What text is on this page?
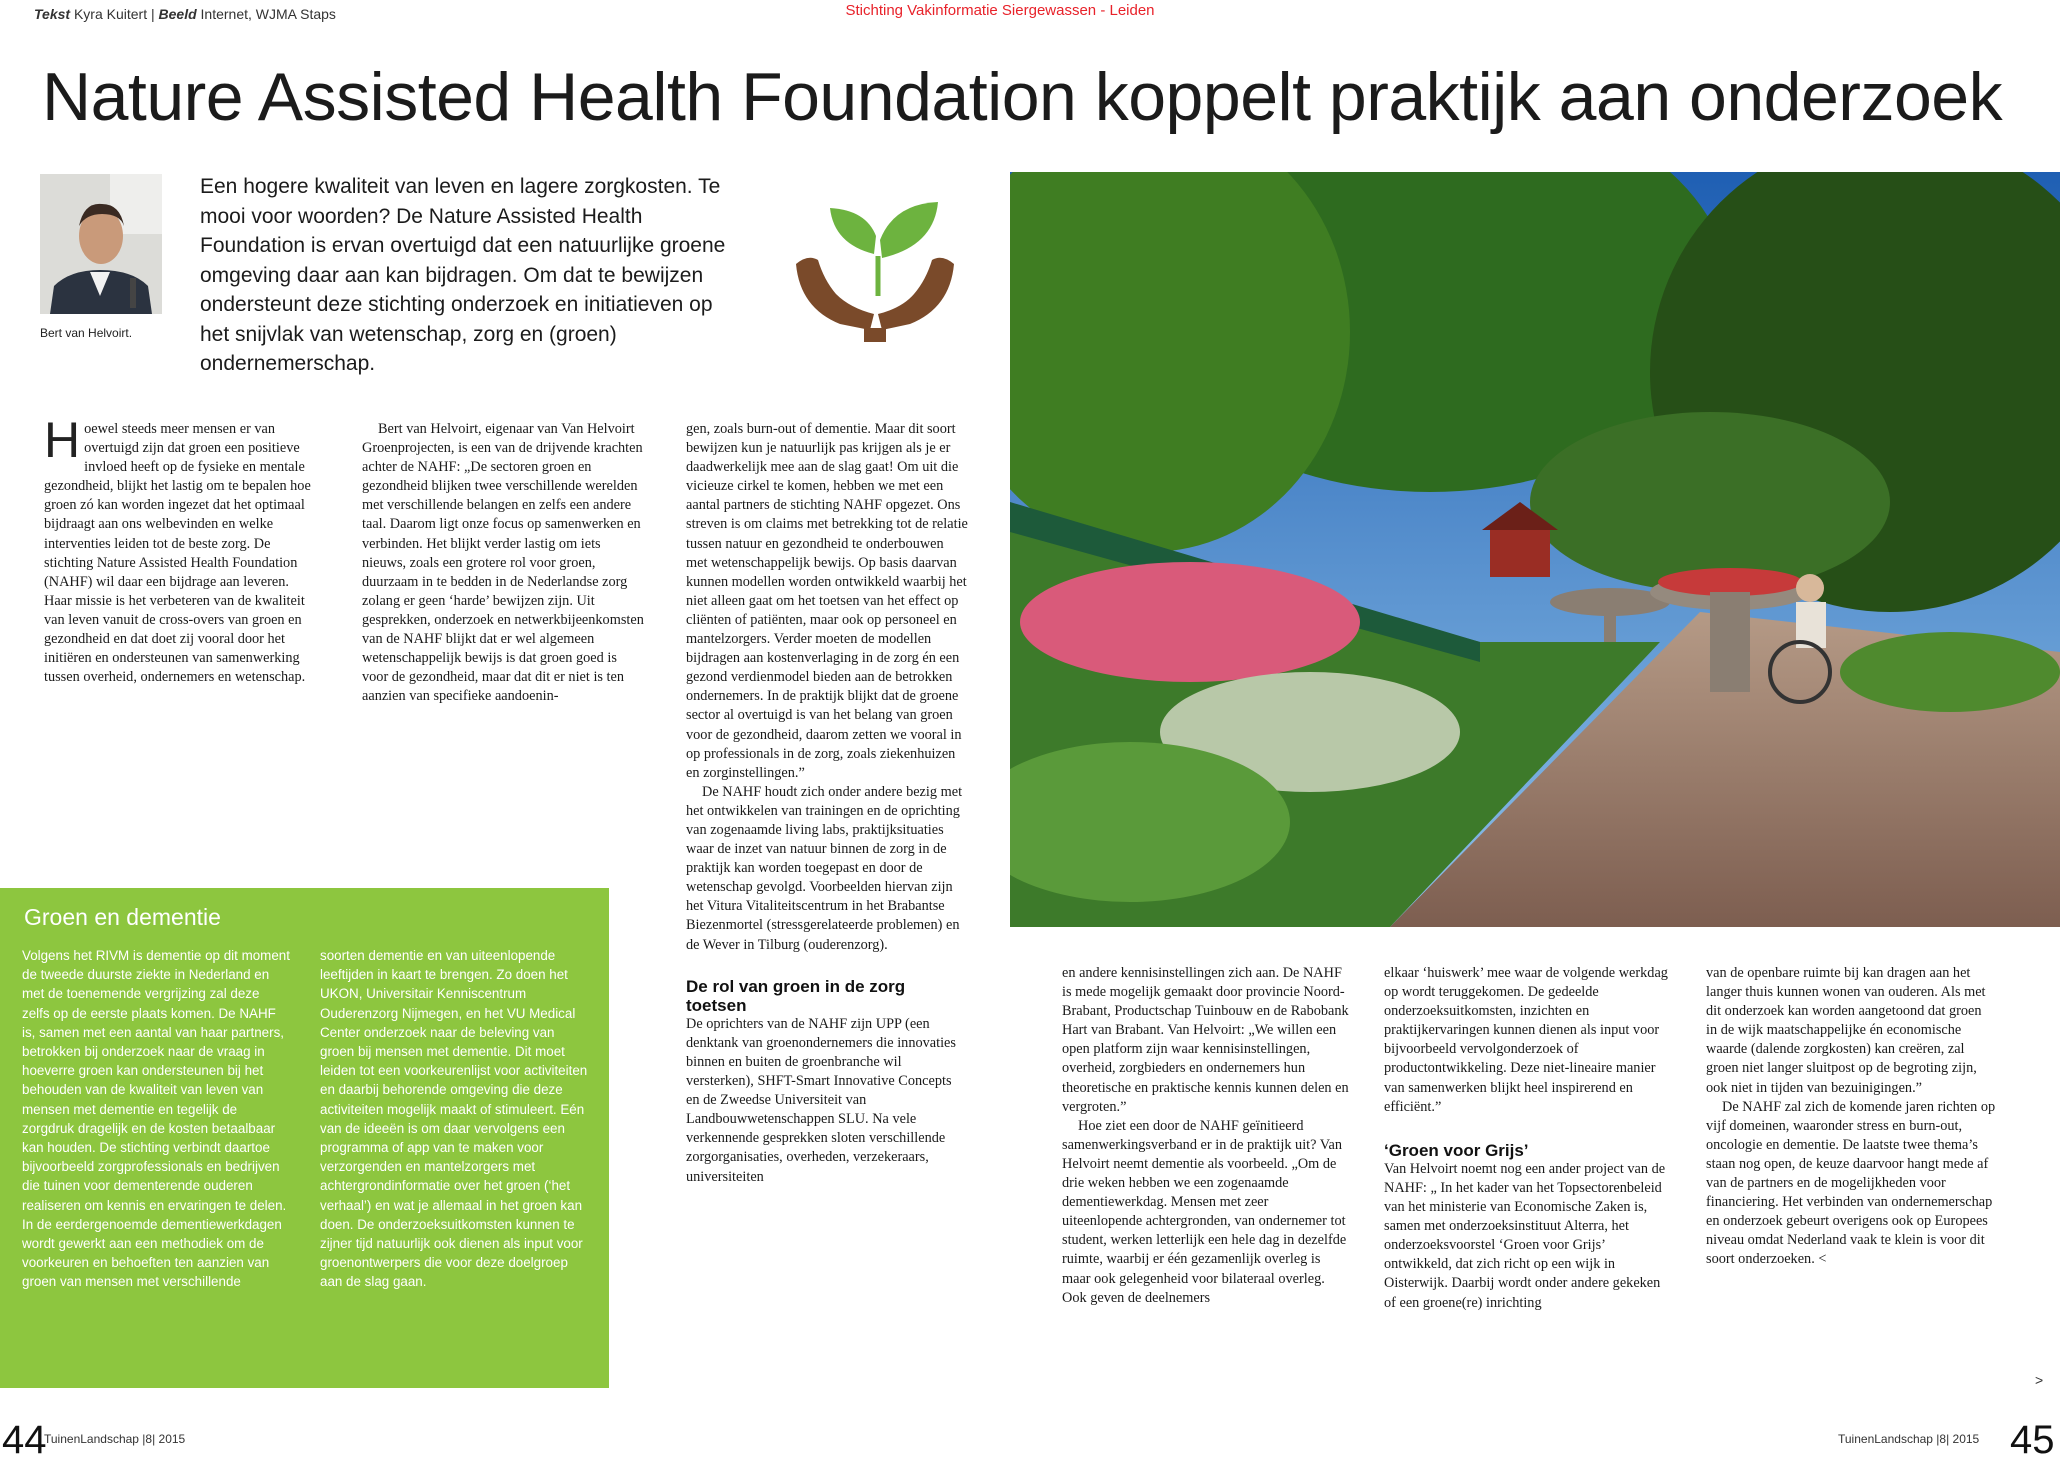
Tekst Kyra Kuitert | Beeld Internet, WJMA Staps	Stichting Vakinformatie Siergewassen - Leiden
Nature Assisted Health Foundation koppelt praktijk aan onderzoek
Bert van Helvoirt.
Een hogere kwaliteit van leven en lagere zorgkosten. Te mooi voor woorden? De Nature Assisted Health Foundation is ervan overtuigd dat een natuurlijke groene omgeving daar aan kan bijdragen. Om dat te bewijzen ondersteunt deze stichting onderzoek en initiatieven op het snijvlak van wetenschap, zorg en (groen) ondernemerschap.
H oewel steeds meer mensen er van overtuigd zijn dat groen een positieve invloed heeft op de fysieke en mentale gezondheid, blijkt het lastig om te bepalen hoe groen zó kan worden ingezet dat het optimaal bijdraagt aan ons welbevinden en welke interventies leiden tot de beste zorg. De stichting Nature Assisted Health Foundation (NAHF) wil daar een bijdrage aan leveren. Haar missie is het verbeteren van de kwaliteit van leven vanuit de cross-overs van groen en gezondheid en dat doet zij vooral door het initiëren en ondersteunen van samenwerking tussen overheid, ondernemers en wetenschap.

Bert van Helvoirt, eigenaar van Van Helvoirt Groenprojecten, is een van de drijvende krachten achter de NAHF: „De sectoren groen en gezondheid blijken twee verschillende werelden met verschillende belangen en zelfs een andere taal. Daarom ligt onze focus op samenwerken en verbinden. Het blijkt verder lastig om iets nieuws, zoals een grotere rol voor groen, duurzaam in te bedden in de Nederlandse zorg zolang er geen ‘harde’ bewijzen zijn. Uit gesprekken, onderzoek en netwerkbijeenkomsten van de NAHF blijkt dat er wel algemeen wetenschappelijk bewijs is dat groen goed is voor de gezondheid, maar dat dit er niet is ten aanzien van specifieke aandoenin-

gen, zoals burn-out of dementie. Maar dit soort bewijzen kun je natuurlijk pas krijgen als je er daadwerkelijk mee aan de slag gaat! Om uit die vicieuze cirkel te komen, hebben we met een aantal partners de stichting NAHF opgezet. Ons streven is om claims met betrekking tot de relatie tussen natuur en gezondheid te onderbouwen met wetenschappelijk bewijs. Op basis daarvan kunnen modellen worden ontwikkeld waarbij het niet alleen gaat om het toetsen van het effect op cliënten of patiënten, maar ook op personeel en mantelzorgers. Verder moeten de modellen bijdragen aan kostenverlaging in de zorg én een gezond verdienmodel bieden aan de betrokken ondernemers. In de praktijk blijkt dat de groene sector al overtuigd is van het belang van groen voor de gezondheid, daarom zetten we vooral in op professionals in de zorg, zoals ziekenhuizen en zorginstellingen.”

De NAHF houdt zich onder andere bezig met het ontwikkelen van trainingen en de oprichting van zogenaamde living labs, praktijksituaties waar de inzet van natuur binnen de zorg in de praktijk kan worden toegepast en door de wetenschap gevolgd. Voorbeelden hiervan zijn het Vitura Vitaliteitscentrum in het Brabantse Biezenmortel (stressgerelateerde problemen) en de Wever in Tilburg (ouderenzorg).

De rol van groen in de zorg toetsen

De oprichters van de NAHF zijn UPP (een denktank van groenondernemers die innovaties binnen en buiten de groenbranche wil versterken), SHFT-Smart Innovative Concepts en de Zweedse Universiteit van Landbouwwetenschappen SLU. Na vele verkennende gesprekken sloten verschillende zorgorganisaties, overheden, verzekeraars, universiteiten

en andere kennisinstellingen zich aan. De NAHF is mede mogelijk gemaakt door provincie Noord-Brabant, Productschap Tuinbouw en de Rabobank Hart van Brabant. Van Helvoirt: „We willen een open platform zijn waar kennisinstellingen, overheid, zorgbieders en ondernemers hun theoretische en praktische kennis kunnen delen en vergroten.”

Hoe ziet een door de NAHF geïnitieerd samenwerkingsverband er in de praktijk uit? Van Helvoirt neemt dementie als voorbeeld. „Om de drie weken hebben we een zogenaamde dementiewerkdag. Mensen met zeer uiteenlopende achtergronden, van ondernemer tot student, werken letterlijk een hele dag in dezelfde ruimte, waarbij er één gezamenlijk overleg is maar ook gelegenheid voor bilateraal overleg. Ook geven de deelnemers

elkaar ‘huiswerk’ mee waar de volgende werkdag op wordt teruggekomen. De gedeelde onderzoeksuitkomsten, inzichten en praktijkervaringen kunnen dienen als input voor bijvoorbeeld vervolgonderzoek of productontwikkeling. Deze niet-lineaire manier van samenwerken blijkt heel inspirerend en efficiënt.”

‘Groen voor Grijs’

Van Helvoirt noemt nog een ander project van de NAHF: „ In het kader van het Topsectorenbeleid van het ministerie van Economische Zaken is, samen met onderzoeksinstituut Alterra, het onderzoeksvoorstel ‘Groen voor Grijs’ ontwikkeld, dat zich richt op een wijk in Oisterwijk. Daarbij wordt onder andere gekeken of een groene(re) inrichting

van de openbare ruimte bij kan dragen aan het langer thuis kunnen wonen van ouderen. Als met dit onderzoek kan worden aangetoond dat groen in de wijk maatschappelijke én economische waarde (dalende zorgkosten) kan creëren, zal groen niet langer sluitpost op de begroting zijn, ook niet in tijden van bezuinigingen.”

De NAHF zal zich de komende jaren richten op vijf domeinen, waaronder stress en burn-out, oncologie en dementie. De laatste twee thema’s staan nog open, de keuze daarvoor hangt mede af van de partners en de mogelijkheden voor financiering. Het verbinden van ondernemerschap en onderzoek gebeurt overigens ook op Europees niveau omdat Nederland vaak te klein is voor dit soort onderzoeken. <

Groen en dementie
Volgens het RIVM is dementie op dit moment de tweede duurste ziekte in Nederland en met de toenemende vergrijzing zal deze zelfs op de eerste plaats komen. De NAHF is, samen met een aantal van haar partners, betrokken bij onderzoek naar de vraag in hoeverre groen kan ondersteunen bij het behouden van de kwaliteit van leven van mensen met dementie en tegelijk de zorgdruk dragelijk en de kosten betaalbaar kan houden. De stichting verbindt daartoe bijvoorbeeld zorgprofessionals en bedrijven die tuinen voor dementerende ouderen realiseren om kennis en ervaringen te delen. In de eerdergenoemde dementiewerkdagen wordt gewerkt aan een methodiek om de voorkeuren en behoeften ten aanzien van groen van mensen met verschillende
soorten dementie en van uiteenlopende leeftijden in kaart te brengen. Zo doen het UKON, Universitair Kenniscentrum Ouderenzorg Nijmegen, en het VU Medical Center onderzoek naar de beleving van groen bij mensen met dementie. Dit moet leiden tot een voorkeurenlijst voor activiteiten en daarbij behorende omgeving die deze activiteiten mogelijk maakt of stimuleert. Eén van de ideeën is om daar vervolgens een programma of app van te maken voor verzorgenden en mantelzorgers met achtergrondinformatie over het groen (‘het verhaal’) en wat je allemaal in het groen kan doen. De onderzoeksuitkomsten kunnen te zijner tijd natuurlijk ook dienen als input voor groenontwerpers die voor deze doelgroep aan de slag gaan.
44
TuinenLandschap |8| 2015	TuinenLandschap |8| 2015 45
>
